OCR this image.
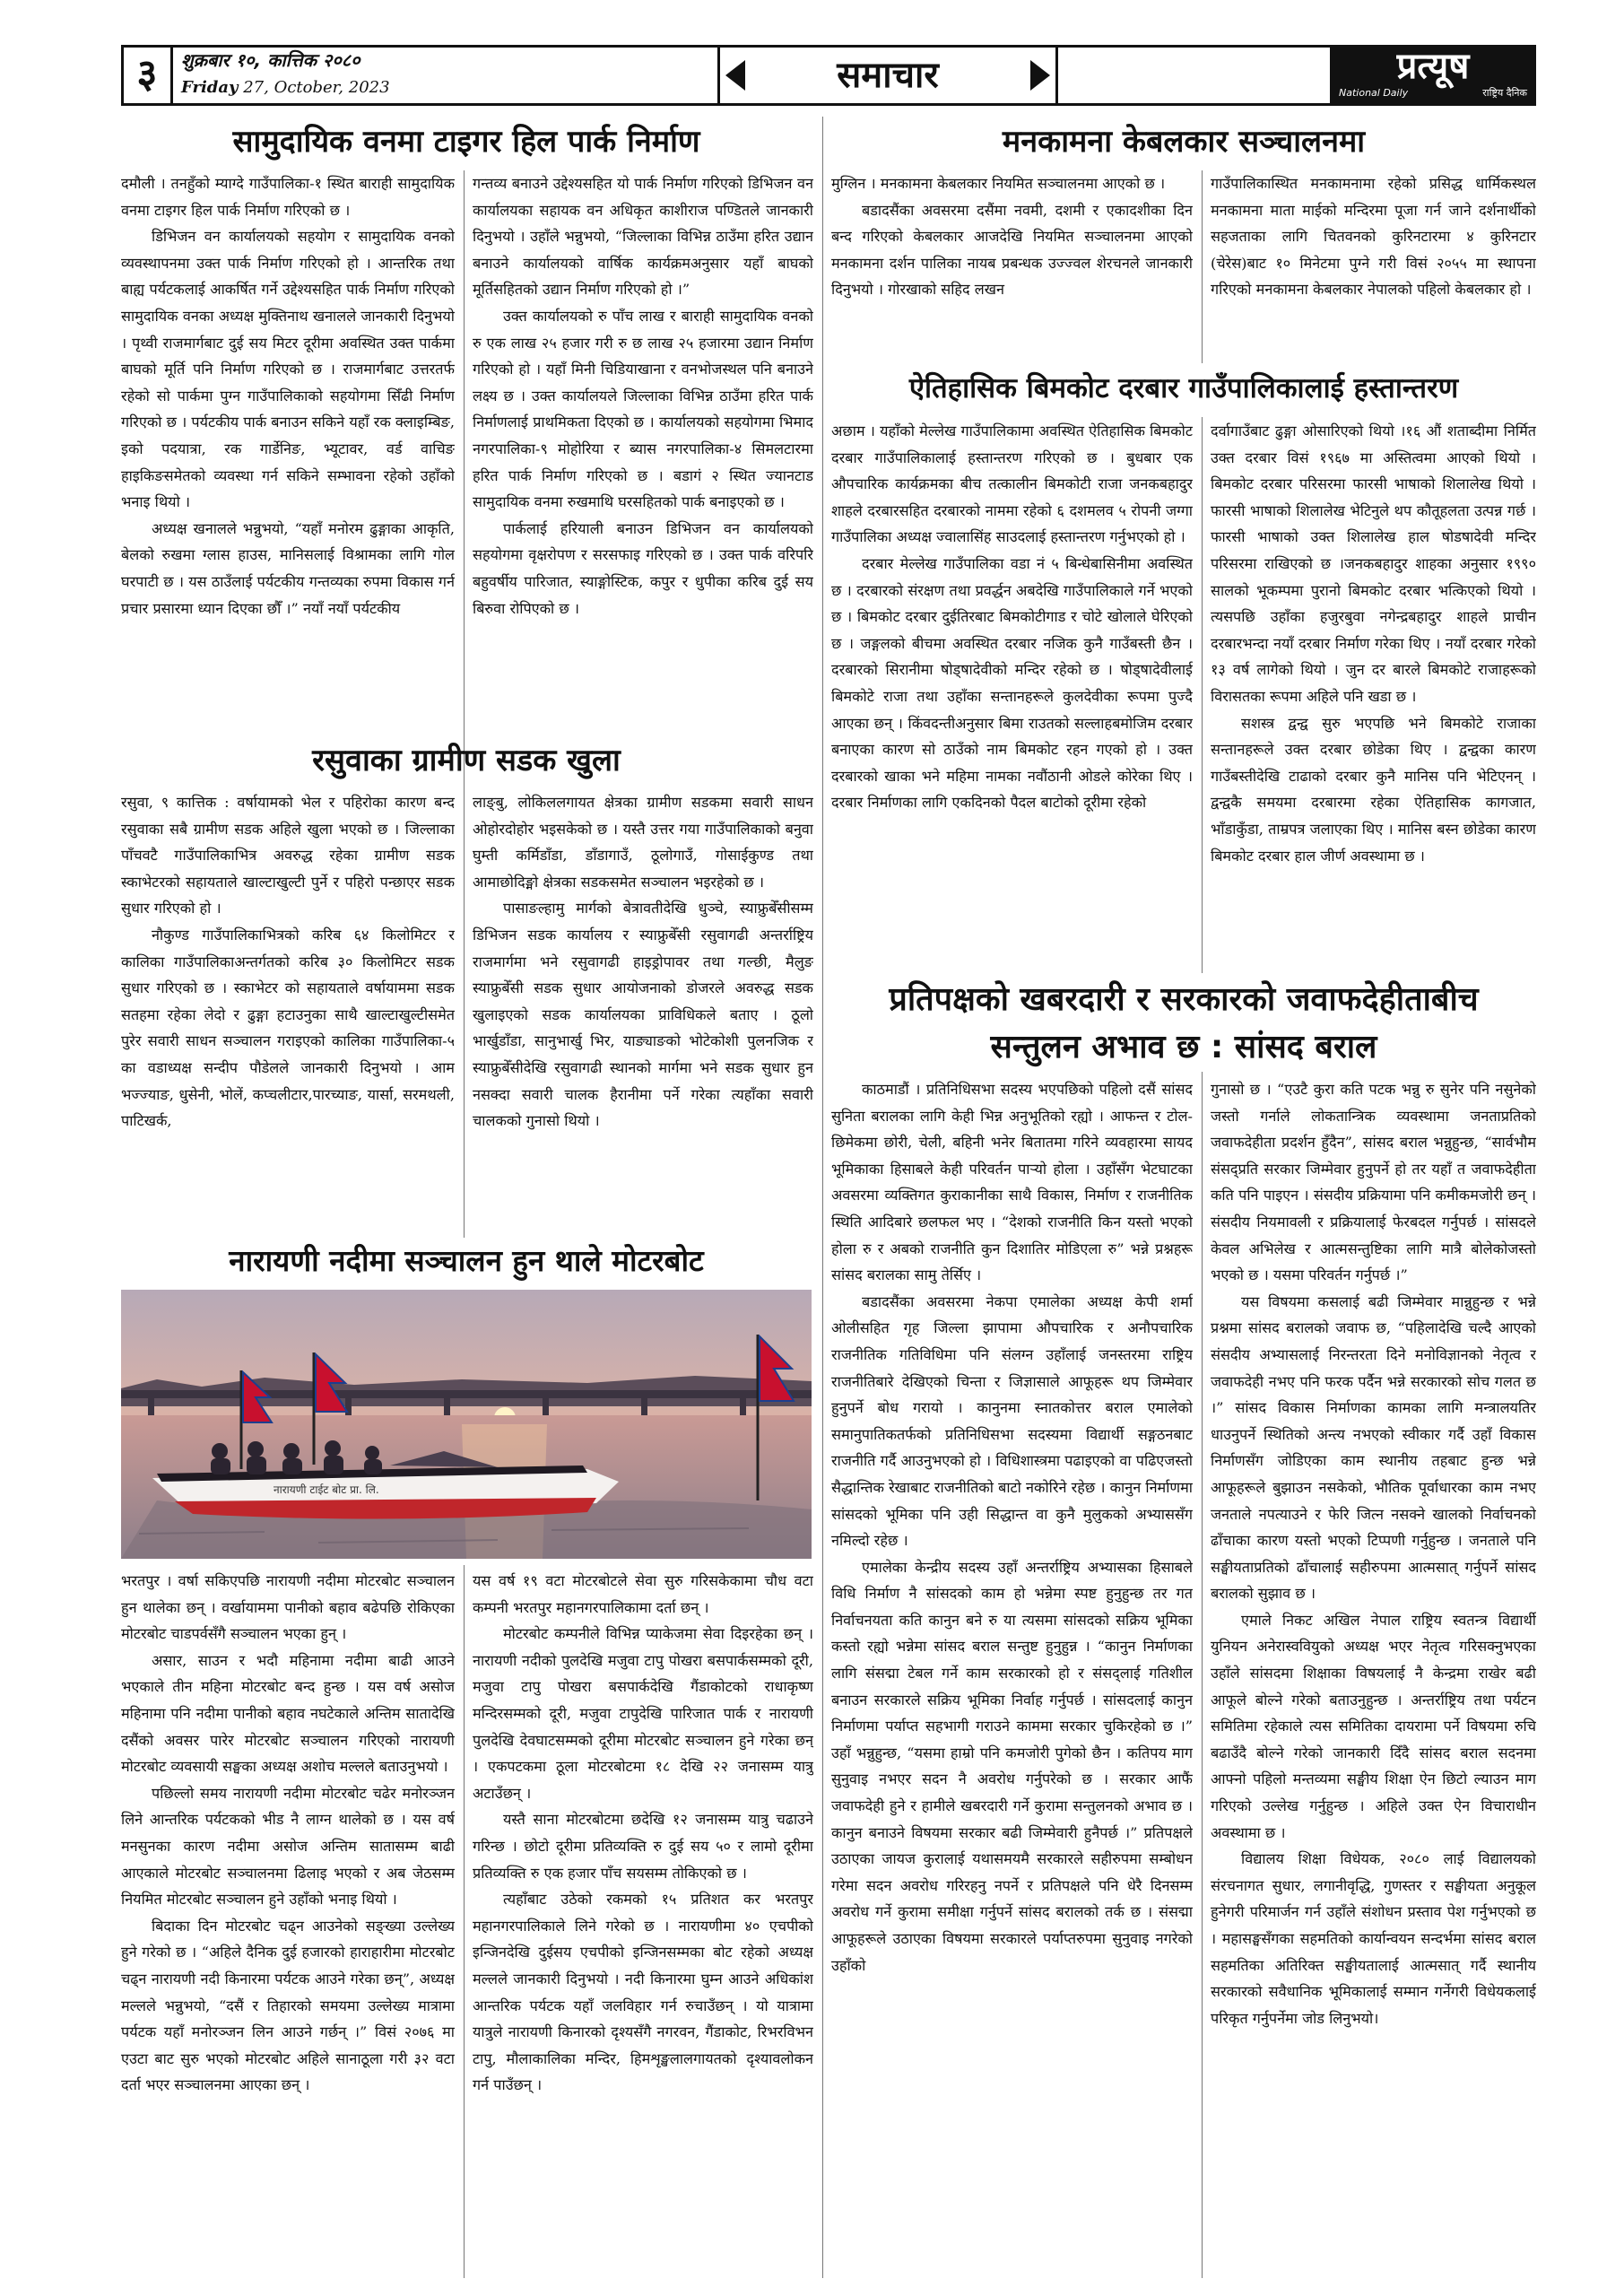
३	शुक्रबार १०, कात्तिक २०८०
Friday 27, October, 2023	समाचार	प्रत्यूष
National Daily	राष्ट्रिय दैनिक
सामुदायिक वनमा टाइगर हिल पार्क निर्माण

दमौली । तनहुँको म्याग्दे गाउँपालिका-१ स्थित बाराही सामुदायिक वनमा टाइगर हिल पार्क निर्माण गरिएको छ ।

डिभिजन वन कार्यालयको सहयोग र सामुदायिक वनको व्यवस्थापनमा उक्त पार्क निर्माण गरिएको हो । आन्तरिक तथा बाह्य पर्यटकलाई आकर्षित गर्ने उद्देश्यसहित पार्क निर्माण गरिएको सामुदायिक वनका अध्यक्ष मुक्तिनाथ खनालले जानकारी दिनुभयो । पृथ्वी राजमार्गबाट दुई सय मिटर दूरीमा अवस्थित उक्त पार्कमा बाघको मूर्ति पनि निर्माण गरिएको छ । राजमार्गबाट उत्तरतर्फ रहेको सो पार्कमा पुग्न गाउँपालिकाको सहयोगमा सिँढी निर्माण गरिएको छ । पर्यटकीय पार्क बनाउन सकिने यहाँ रक क्लाइम्बिङ, इको पदयात्रा, रक गार्डेनिङ, भ्यूटावर, वर्ड वाचिङ हाइकिङसमेतको व्यवस्था गर्न सकिने सम्भावना रहेको उहाँको भनाइ थियो ।

अध्यक्ष खनालले भन्नुभयो, “यहाँ मनोरम ढुङ्गाका आकृति, बेलको रुखमा ग्लास हाउस, मानिसलाई विश्रामका लागि गोल घरपाटी छ । यस ठाउँलाई पर्यटकीय गन्तव्यका रुपमा विकास गर्न प्रचार प्रसारमा ध्यान दिएका छौँ ।” नयाँ नयाँ पर्यटकीय

गन्तव्य बनाउने उद्देश्यसहित यो पार्क निर्माण गरिएको डिभिजन वन कार्यालयका सहायक वन अधिकृत काशीराज पण्डितले जानकारी दिनुभयो । उहाँले भन्नुभयो, “जिल्लाका विभिन्न ठाउँमा हरित उद्यान बनाउने कार्यालयको वार्षिक कार्यक्रमअनुसार यहाँ बाघको मूर्तिसहितको उद्यान निर्माण गरिएको हो ।”

उक्त कार्यालयको रु पाँच लाख र बाराही सामुदायिक वनको रु एक लाख २५ हजार गरी रु छ लाख २५ हजारमा उद्यान निर्माण गरिएको हो । यहाँ मिनी चिडियाखाना र वनभोजस्थल पनि बनाउने लक्ष्य छ । उक्त कार्यालयले जिल्लाका विभिन्न ठाउँमा हरित पार्क निर्माणलाई प्राथमिकता दिएको छ । कार्यालयको सहयोगमा भिमाद नगरपालिका-९ मोहोरिया र ब्यास नगरपालिका-४ सिमलटारमा हरित पार्क निर्माण गरिएको छ । बडागं २ स्थित ज्यानटाड सामुदायिक वनमा रुखमाथि घरसहितको पार्क बनाइएको छ ।

पार्कलाई हरियाली बनाउन डिभिजन वन कार्यालयको सहयोगमा वृक्षरोपण र सरसफाइ गरिएको छ । उक्त पार्क वरिपरि बहुवर्षीय पारिजात, स्याङ्गोस्टिक, कपुर र धुपीका करिब दुई सय बिरुवा रोपिएको छ ।

रसुवाका ग्रामीण सडक खुला

रसुवा, ९ कात्तिक : वर्षायामको भेल र पहिरोका कारण बन्द रसुवाका सबै ग्रामीण सडक अहिले खुला भएको छ । जिल्लाका पाँचवटै गाउँपालिकाभित्र अवरुद्ध रहेका ग्रामीण सडक स्काभेटरको सहायताले खाल्टाखुल्टी पुर्ने र पहिरो पन्छाएर सडक सुधार गरिएको हो ।

नौकुण्ड गाउँपालिकाभित्रको करिब ६४ किलोमिटर र कालिका गाउँपालिकाअन्तर्गतको करिब ३० किलोमिटर सडक सुधार गरिएको छ । स्काभेटर को सहायताले वर्षायाममा सडक सतहमा रहेका लेदो र ढुङ्गा हटाउनुका साथै खाल्टाखुल्टीसमेत पुरेर सवारी साधन सञ्चालन गराइएको कालिका गाउँपालिका-५ का वडाध्यक्ष सन्दीप पौडेलले जानकारी दिनुभयो । आम भज्ज्याङ, धुसेनी, भोलें, कप्चलीटार,पारच्याङ, यार्सा, सरमथली, पाटिखर्क,

लाङ्बु, लोकिललगायत क्षेत्रका ग्रामीण सडकमा सवारी साधन ओहोरदोहोर भइसकेको छ । यस्तै उत्तर गया गाउँपालिकाको बनुवा घुम्ती कर्मिडाँडा, डाँडागाउँ, ठूलोगाउँ, गोसाईकुण्ड तथा आमाछोदिङ्मो क्षेत्रका सडकसमेत सञ्चालन भइरहेको छ ।

पासाङल्हामु मार्गको बेत्रावतीदेखि धुञ्चे, स्याफ्रुबेँसीसम्म डिभिजन सडक कार्यालय र स्याफ्रुबेँसी रसुवागढी अन्तर्राष्ट्रिय राजमार्गमा भने रसुवागढी हाइड्रोपावर तथा गल्छी, मैलुङ स्याफ्रुबेँसी सडक सुधार आयोजनाको डोजरले अवरुद्ध सडक खुलाइएको सडक कार्यालयका प्राविधिकले बताए । ठूलो भार्खुडाँडा, सानुभार्खु भिर, याङ्याङको भोटेकोशी पुलनजिक र स्याफ्रुबेँसीदेखि रसुवागढी स्थानको मार्गमा भने सडक सुधार हुन नसक्दा सवारी चालक हैरानीमा पर्ने गरेका त्यहाँका सवारी चालकको गुनासो थियो ।

नारायणी नदीमा सञ्चालन हुन थाले मोटरबोट
नारायणी टाईट बोट प्रा. लि.

भरतपुर । वर्षा सकिएपछि नारायणी नदीमा मोटरबोट सञ्चालन हुन थालेका छन् । वर्खायाममा पानीको बहाव बढेपछि रोकिएका मोटरबोट चाडपर्वसँगै सञ्चालन भएका हुन् ।

असार, साउन र भदौ महिनामा नदीमा बाढी आउने भएकाले तीन महिना मोटरबोट बन्द हुन्छ । यस वर्ष असोज महिनामा पनि नदीमा पानीको बहाव नघटेकाले अन्तिम सातादेखि दसैंको अवसर पारेर मोटरबोट सञ्चालन गरिएको नारायणी मोटरबोट व्यवसायी सङ्घका अध्यक्ष अशोच मल्लले बताउनुभयो ।

पछिल्लो समय नारायणी नदीमा मोटरबोट चढेर मनोरञ्जन लिने आन्तरिक पर्यटकको भीड नै लाग्न थालेको छ । यस वर्ष मनसुनका कारण नदीमा असोज अन्तिम सातासम्म बाढी आएकाले मोटरबोट सञ्चालनमा ढिलाइ भएको र अब जेठसम्म नियमित मोटरबोट सञ्चालन हुने उहाँको भनाइ थियो ।

बिदाका दिन मोटरबोट चढ्न आउनेको सङ्ख्या उल्लेख्य हुने गरेको छ । “अहिले दैनिक दुई हजारको हाराहारीमा मोटरबोट चढ्न नारायणी नदी किनारमा पर्यटक आउने गरेका छन्”, अध्यक्ष मल्लले भन्नुभयो, “दसैं र तिहारको समयमा उल्लेख्य मात्रामा पर्यटक यहाँ मनोरञ्जन लिन आउने गर्छन् ।” विसं २०७६ मा एउटा बाट सुरु भएको मोटरबोट अहिले सानाठूला गरी ३२ वटा दर्ता भएर सञ्चालनमा आएका छन् ।

यस वर्ष १९ वटा मोटरबोटले सेवा सुरु गरिसकेकामा चौध वटा कम्पनी भरतपुर महानगरपालिकामा दर्ता छन् ।

मोटरबोट कम्पनीले विभिन्न प्याकेजमा सेवा दिइरहेका छन् । नारायणी नदीको पुलदेखि मजुवा टापु पोखरा बसपार्कसम्मको दूरी, मजुवा टापु पोखरा बसपार्कदेखि गैंडाकोटको राधाकृष्ण मन्दिरसम्मको दूरी, मजुवा टापुदेखि पारिजात पार्क र नारायणी पुलदेखि देवघाटसम्मको दूरीमा मोटरबोट सञ्चालन हुने गरेका छन् । एकपटकमा ठूला मोटरबोटमा १८ देखि २२ जनासम्म यात्रु अटाउँछन् ।

यस्तै साना मोटरबोटमा छदेखि १२ जनासम्म यात्रु चढाउने गरिन्छ । छोटो दूरीमा प्रतिव्यक्ति रु दुई सय ५० र लामो दूरीमा प्रतिव्यक्ति रु एक हजार पाँच सयसम्म तोकिएको छ ।

त्यहाँबाट उठेको रकमको १५ प्रतिशत कर भरतपुर महानगरपालिकाले लिने गरेको छ । नारायणीमा ४० एचपीको इन्जिनदेखि दुईसय एचपीको इन्जिनसम्मका बोट रहेको अध्यक्ष मल्लले जानकारी दिनुभयो । नदी किनारमा घुम्न आउने अधिकांश आन्तरिक पर्यटक यहाँ जलविहार गर्न रुचाउँछन् । यो यात्रामा यात्रुले नारायणी किनारको दृश्यसँगै नगरवन, गैंडाकोट, रिभरविभन टापु, मौलाकालिका मन्दिर, हिमशृङ्खलालगायतको दृश्यावलोकन गर्न पाउँछन् ।

मनकामना केबलकार सञ्चालनमा

मुग्लिन । मनकामना केबलकार नियमित सञ्चालनमा आएको छ ।

बडादसैंका अवसरमा दसैंमा नवमी, दशमी र एकादशीका दिन बन्द गरिएको केबलकार आजदेखि नियमित सञ्चालनमा आएको मनकामना दर्शन पालिका नायब प्रबन्धक उज्ज्वल शेरचनले जानकारी दिनुभयो । गोरखाको सहिद लखन

गाउँपालिकास्थित मनकामनामा रहेको प्रसिद्ध धार्मिकस्थल मनकामना माता माईको मन्दिरमा पूजा गर्न जाने दर्शनार्थीको सहजताका लागि चितवनको कुरिनटारमा ४ कुरिनटार (चेरेस)बाट १० मिनेटमा पुग्ने गरी विसं २०५५ मा स्थापना गरिएको मनकामना केबलकार नेपालको पहिलो केबलकार हो ।

ऐतिहासिक बिमकोट दरबार गाउँपालिकालाई हस्तान्तरण

अछाम । यहाँको मेल्लेख गाउँपालिकामा अवस्थित ऐतिहासिक बिमकोट दरबार गाउँपालिकालाई हस्तान्तरण गरिएको छ । बुधबार एक औपचारिक कार्यक्रमका बीच तत्कालीन बिमकोटी राजा जनकबहादुर शाहले दरबारसहित दरबारको नाममा रहेको ६ दशमलव ५ रोपनी जग्गा गाउँपालिका अध्यक्ष ज्वालासिंह साउदलाई हस्तान्तरण गर्नुभएको हो ।

दरबार मेल्लेख गाउँपालिका वडा नं ५ बिन्धेबासिनीमा अवस्थित छ । दरबारको संरक्षण तथा प्रवर्द्धन अबदेखि गाउँपालिकाले गर्ने भएको छ । बिमकोट दरबार दुईतिरबाट बिमकोटीगाड र चोटे खोलाले घेरिएको छ । जङ्गलको बीचमा अवस्थित दरबार नजिक कुनै गाउँबस्ती छैन । दरबारको सिरानीमा षोड्षादेवीको मन्दिर रहेको छ । षोड्षादेवीलाई बिमकोटे राजा तथा उहाँका सन्तानहरूले कुलदेवीका रूपमा पुज्दै आएका छन् । किंवदन्तीअनुसार बिमा राउतको सल्लाहबमोजिम दरबार बनाएका कारण सो ठाउँको नाम बिमकोट रहन गएको हो । उक्त दरबारको खाका भने महिमा नामका नवौंठानी ओडले कोरेका थिए । दरबार निर्माणका लागि एकदिनको पैदल बाटोको दूरीमा रहेको

दर्वागाउँबाट ढुङ्गा ओसारिएको थियो ।१६ औं शताब्दीमा निर्मित उक्त दरबार विसं १९६७ मा अस्तित्वमा आएको थियो । बिमकोट दरबार परिसरमा फारसी भाषाको शिलालेख थियो । फारसी भाषाको शिलालेख भेटिनुले थप कौतूहलता उत्पन्न गर्छ । फारसी भाषाको उक्त शिलालेख हाल षोडषादेवी मन्दिर परिसरमा राखिएको छ ।जनकबहादुर शाहका अनुसार १९९० सालको भूकम्पमा पुरानो बिमकोट दरबार भत्किएको थियो । त्यसपछि उहाँका हजुरबुवा नगेन्द्रबहादुर शाहले प्राचीन दरबारभन्दा नयाँ दरबार निर्माण गरेका थिए । नयाँ दरबार गरेको १३ वर्ष लागेको थियो । जुन दर बारले बिमकोटे राजाहरूको विरासतका रूपमा अहिले पनि खडा छ ।

सशस्त्र द्वन्द्व सुरु भएपछि भने बिमकोटे राजाका सन्तानहरूले उक्त दरबार छोडेका थिए । द्वन्द्वका कारण गाउँबस्तीदेखि टाढाको दरबार कुनै मानिस पनि भेटिएनन् । द्वन्द्वकै समयमा दरबारमा रहेका ऐतिहासिक कागजात, भाँडाकुँडा, ताम्रपत्र जलाएका थिए । मानिस बस्न छोडेका कारण बिमकोट दरबार हाल जीर्ण अवस्थामा छ ।

प्रतिपक्षको खबरदारी र सरकारको जवाफदेहीताबीच
सन्तुलन अभाव छ : सांसद बराल

काठमाडौं । प्रतिनिधिसभा सदस्य भएपछिको पहिलो दसैं सांसद सुनिता बरालका लागि केही भिन्न अनुभूतिको रह्यो । आफन्त र टोल-छिमेकमा छोरी, चेली, बहिनी भनेर बितातमा गरिने व्यवहारमा सायद भूमिकाका हिसाबले केही परिवर्तन पाऱ्यो होला । उहाँसँग भेटघाटका अवसरमा व्यक्तिगत कुराकानीका साथै विकास, निर्माण र राजनीतिक स्थिति आदिबारे छलफल भए । “देशको राजनीति किन यस्तो भएको होला रु र अबको राजनीति कुन दिशातिर मोडिएला रु” भन्ने प्रश्नहरू सांसद बरालका सामु तेर्सिए ।

बडादसैंका अवसरमा नेकपा एमालेका अध्यक्ष केपी शर्मा ओलीसहित गृह जिल्ला झापामा औपचारिक र अनौपचारिक राजनीतिक गतिविधिमा पनि संलग्न उहाँलाई जनस्तरमा राष्ट्रिय राजनीतिबारे देखिएको चिन्ता र जिज्ञासाले आफूहरू थप जिम्मेवार हुनुपर्ने बोध गरायो । कानुनमा स्नातकोत्तर बराल एमालेको समानुपातिकतर्फको प्रतिनिधिसभा सदस्यमा विद्यार्थी सङ्गठनबाट राजनीति गर्दै आउनुभएको हो । विधिशास्त्रमा पढाइएको वा पढिएजस्तो सैद्धान्तिक रेखाबाट राजनीतिको बाटो नकोरिने रहेछ । कानुन निर्माणमा सांसदको भूमिका पनि उही सिद्धान्त वा कुनै मुलुकको अभ्याससँग नमिल्दो रहेछ ।

एमालेका केन्द्रीय सदस्य उहाँ अन्तर्राष्ट्रिय अभ्यासका हिसाबले विधि निर्माण नै सांसदको काम हो भन्नेमा स्पष्ट हुनुहुन्छ तर गत निर्वाचनयता कति कानुन बने रु या त्यसमा सांसदको सक्रिय भूमिका कस्तो रह्यो भन्नेमा सांसद बराल सन्तुष्ट हुनुहुन्न । “कानुन निर्माणका लागि संसद्मा टेबल गर्ने काम सरकारको हो र संसद्लाई गतिशील बनाउन सरकारले सक्रिय भूमिका निर्वाह गर्नुपर्छ । सांसदलाई कानुन निर्माणमा पर्याप्त सहभागी गराउने काममा सरकार चुकिरहेको छ ।” उहाँ भन्नुहुन्छ, “यसमा हाम्रो पनि कमजोरी पुगेको छैन । कतिपय माग सुनुवाइ नभएर सदन नै अवरोध गर्नुपरेको छ । सरकार आफैं जवाफदेही हुने र हामीले खबरदारी गर्ने कुरामा सन्तुलनको अभाव छ । कानुन बनाउने विषयमा सरकार बढी जिम्मेवारी हुनैपर्छ ।” प्रतिपक्षले उठाएका जायज कुरालाई यथासमयमै सरकारले सहीरुपमा सम्बोधन गरेमा सदन अवरोध गरिरहनु नपर्ने र प्रतिपक्षले पनि धेरै दिनसम्म अवरोध गर्ने कुरामा समीक्षा गर्नुपर्ने सांसद बरालको तर्क छ । संसद्मा आफूहरूले उठाएका विषयमा सरकारले पर्याप्तरुपमा सुनुवाइ नगरेको उहाँको

गुनासो छ । “एउटै कुरा कति पटक भन्नु रु सुनेर पनि नसुनेको जस्तो गर्नाले लोकतान्त्रिक व्यवस्थामा जनताप्रतिको जवाफदेहीता प्रदर्शन हुँदैन”, सांसद बराल भन्नुहुन्छ, “सार्वभौम संसद्प्रति सरकार जिम्मेवार हुनुपर्ने हो तर यहाँ त जवाफदेहीता कति पनि पाइएन । संसदीय प्रक्रियामा पनि कमीकमजोरी छन् । संसदीय नियमावली र प्रक्रियालाई फेरबदल गर्नुपर्छ । सांसदले केवल अभिलेख र आत्मसन्तुष्टिका लागि मात्रै बोलेकोजस्तो भएको छ । यसमा परिवर्तन गर्नुपर्छ ।”

यस विषयमा कसलाई बढी जिम्मेवार मान्नुहुन्छ र भन्ने प्रश्नमा सांसद बरालको जवाफ छ, “पहिलादेखि चल्दै आएको संसदीय अभ्यासलाई निरन्तरता दिने मनोविज्ञानको नेतृत्व र जवाफदेही नभए पनि फरक पर्दैन भन्ने सरकारको सोच गलत छ ।” सांसद विकास निर्माणका कामका लागि मन्त्रालयतिर धाउनुपर्ने स्थितिको अन्त्य नभएको स्वीकार गर्दै उहाँ विकास निर्माणसँग जोडिएका काम स्थानीय तहबाट हुन्छ भन्ने आफूहरूले बुझाउन नसकेको, भौतिक पूर्वाधारका काम नभए जनताले नपत्याउने र फेरि जित्न नसक्ने खालको निर्वाचनको ढाँचाका कारण यस्तो भएको टिप्पणी गर्नुहुन्छ । जनताले पनि सङ्घीयताप्रतिको ढाँचालाई सहीरुपमा आत्मसात् गर्नुपर्ने सांसद बरालको सुझाव छ ।

एमाले निकट अखिल नेपाल राष्ट्रिय स्वतन्त्र विद्यार्थी युनियन अनेरास्ववियुको अध्यक्ष भएर नेतृत्व गरिसक्नुभएका उहाँले सांसदमा शिक्षाका विषयलाई नै केन्द्रमा राखेर बढी आफूले बोल्ने गरेको बताउनुहुन्छ । अन्तर्राष्ट्रिय तथा पर्यटन समितिमा रहेकाले त्यस समितिका दायरामा पर्ने विषयमा रुचि बढाउँदै बोल्ने गरेको जानकारी दिँदै सांसद बराल सदनमा आफ्नो पहिलो मन्तव्यमा सङ्घीय शिक्षा ऐन छिटो ल्याउन माग गरिएको उल्लेख गर्नुहुन्छ । अहिले उक्त ऐन विचाराधीन अवस्थामा छ ।

विद्यालय शिक्षा विधेयक, २०८० लाई विद्यालयको संरचनागत सुधार, लगानीवृद्धि, गुणस्तर र सङ्घीयता अनुकूल हुनेगरी परिमार्जन गर्न उहाँले संशोधन प्रस्ताव पेश गर्नुभएको छ । महासङ्घसँगका सहमतिको कार्यान्वयन सन्दर्भमा सांसद बराल सहमतिका अतिरिक्त सङ्घीयतालाई आत्मसात् गर्दै स्थानीय सरकारको सवैधानिक भूमिकालाई सम्मान गर्नेगरी विधेयकलाई परिकृत गर्नुपर्नेमा जोड लिनुभयो।
